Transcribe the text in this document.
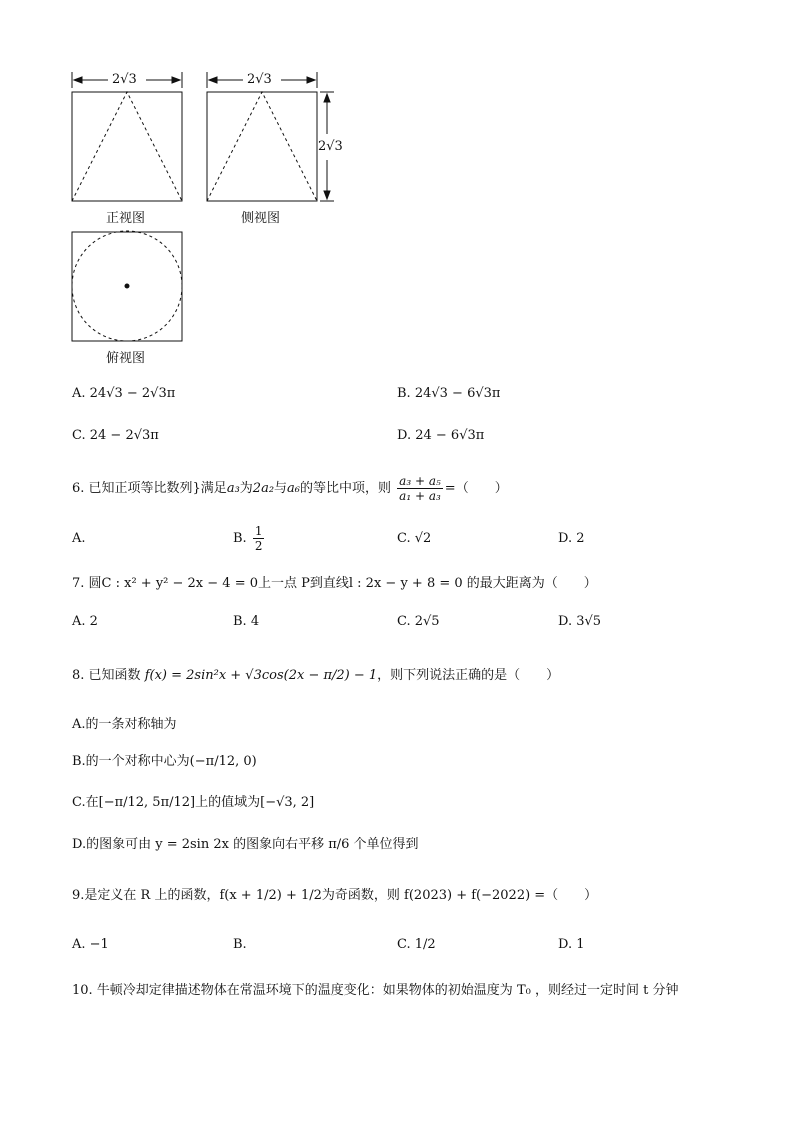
2√3	2√3
2√3
正视图	侧视图
俯视图
A. 24√3 − 2√3π	B. 24√3 − 6√3π
C. 24 − 2√3π	D. 24 − 6√3π
6. 已知正项等比数列}满足a₃为2a₂与a₆的等比中项，则 $\frac{\text{a₃ + a₅}}{\text{a₁ + a₃}}$ =（　　）
A.	B. $\frac{1}{2}$	C. √2	D. 2
7. 圆C : x² + y² − 2x − 4 = 0上一点 P到直线l : 2x − y + 8 = 0 的最大距离为（　　）
A. 2	B. 4	C. 2√5	D. 3√5
8. 已知函数 f(x) = 2sin²x + √3cos(2x − π/2) − 1，则下列说法正确的是（　　）
A.的一条对称轴为
B.的一个对称中心为(−π/12, 0)
C.在[−π/12, 5π/12]上的值域为[−√3, 2]
D.的图象可由 y = 2sin 2x 的图象向右平移 π/6 个单位得到
9.是定义在 R 上的函数，f(x + 1/2) + 1/2为奇函数，则 f(2023) + f(−2022) =（　　）
A. −1	B.	C. 1/2	D. 1
10. 牛顿冷却定律描述物体在常温环境下的温度变化：如果物体的初始温度为 T₀ ，则经过一定时间 t 分钟
